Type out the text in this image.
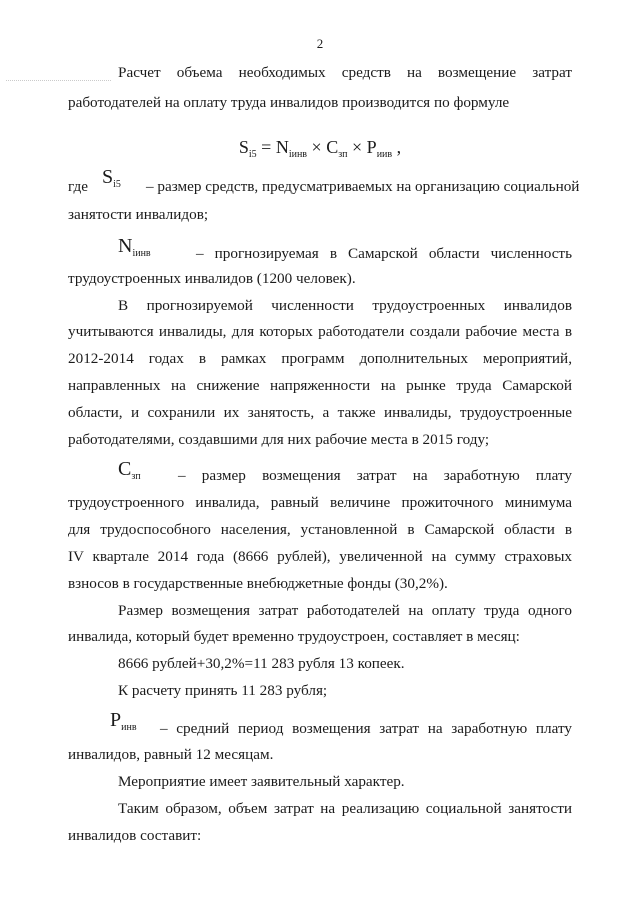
2

Расчет объема необходимых средств на возмещение затрат

работодателей на оплату труда инвалидов производится по формуле

$S_{i5} = N_{iинв} \times C_{зп} \times P_{иив}$ ,

где $S_{i5}$ – размер средств, предусматриваемых на организацию социальной

занятости инвалидов;

$N_{iинв}$	– прогнозируемая в Самарской области численность

трудоустроенных инвалидов (1200 человек).

В прогнозируемой численности трудоустроенных инвалидов

учитываются инвалиды, для которых работодатели создали рабочие места в

2012-2014 годах в рамках программ дополнительных мероприятий,

направленных на снижение напряженности на рынке труда Самарской

области, и сохранили их занятость, а также инвалиды, трудоустроенные

работодателями, создавшими для них рабочие места в 2015 году;

$C_{зп}$ – размер возмещения затрат на заработную плату

трудоустроенного инвалида, равный величине прожиточного минимума

для трудоспособного населения, установленной в Самарской области в

IV квартале 2014 года (8666 рублей), увеличенной на сумму страховых

взносов в государственные внебюджетные фонды (30,2%).

Размер возмещения затрат работодателей на оплату труда одного

инвалида, который будет временно трудоустроен, составляет в месяц:

8666 рублей+30,2%=11 283 рубля 13 копеек.

К расчету принять 11 283 рубля;

$P_{инв}$ – средний период возмещения затрат на заработную плату

инвалидов, равный 12 месяцам.

Мероприятие имеет заявительный характер.

Таким образом, объем затрат на реализацию социальной занятости

инвалидов составит:
